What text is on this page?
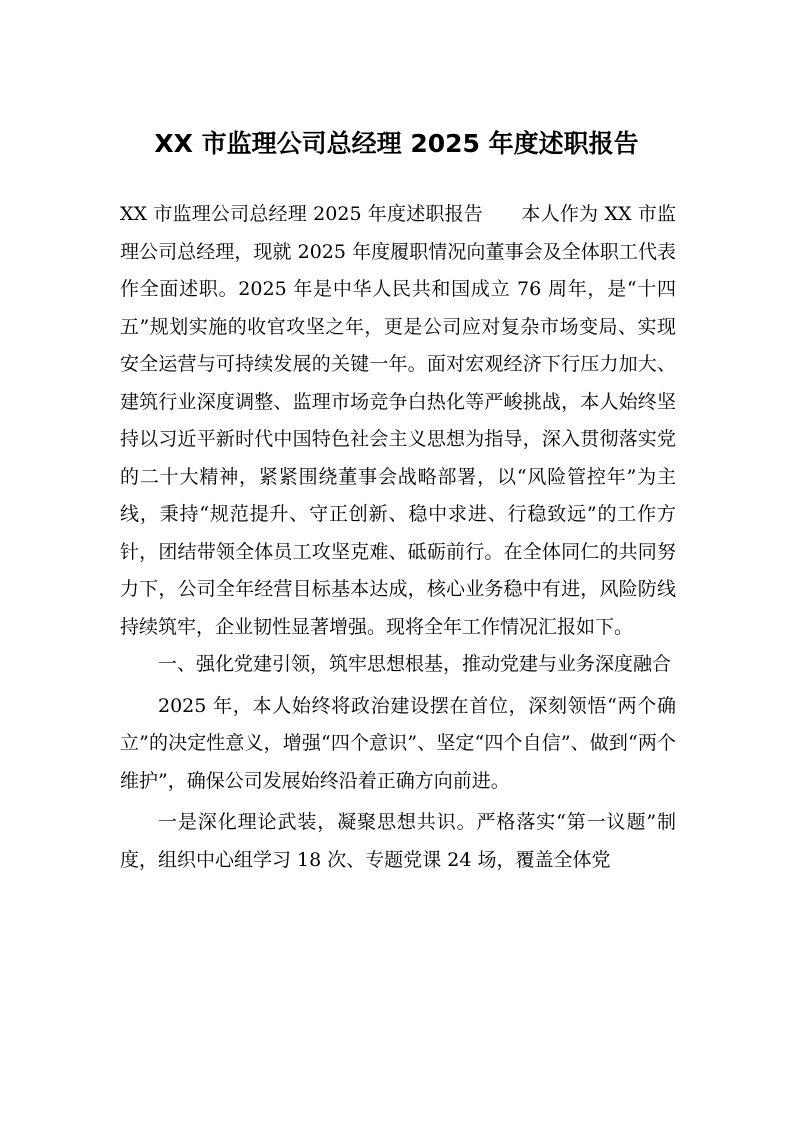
XX 市监理公司总经理 2025 年度述职报告

XX 市监理公司总经理 2025 年度述职报告　　本人作为 XX 市监理公司总经理，现就 2025 年度履职情况向董事会及全体职工代表作全面述职。2025 年是中华人民共和国成立 76 周年，是“十四五”规划实施的收官攻坚之年，更是公司应对复杂市场变局、实现安全运营与可持续发展的关键一年。面对宏观经济下行压力加大、建筑行业深度调整、监理市场竞争白热化等严峻挑战，本人始终坚持以习近平新时代中国特色社会主义思想为指导，深入贯彻落实党的二十大精神，紧紧围绕董事会战略部署，以“风险管控年”为主线，秉持“规范提升、守正创新、稳中求进、行稳致远”的工作方针，团结带领全体员工攻坚克难、砥砺前行。在全体同仁的共同努力下，公司全年经营目标基本达成，核心业务稳中有进，风险防线持续筑牢，企业韧性显著增强。现将全年工作情况汇报如下。

一、强化党建引领，筑牢思想根基，推动党建与业务深度融合

2025 年，本人始终将政治建设摆在首位，深刻领悟“两个确立”的决定性意义，增强“四个意识”、坚定“四个自信”、做到“两个维护”，确保公司发展始终沿着正确方向前进。

一是深化理论武装，凝聚思想共识。严格落实“第一议题”制度，组织中心组学习 18 次、专题党课 24 场，覆盖全体党
